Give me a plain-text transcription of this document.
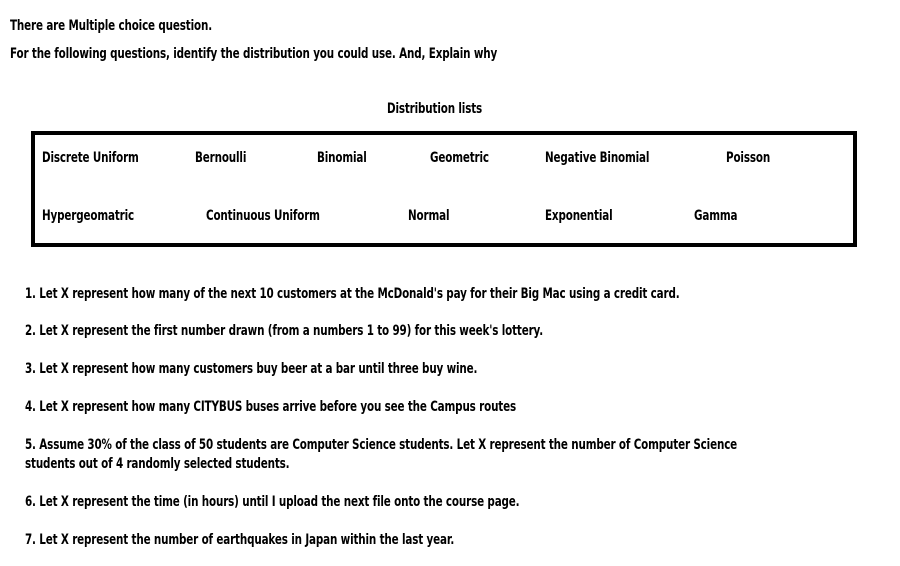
There are Multiple choice question.
For the following questions, identify the distribution you could use. And, Explain why
Distribution lists
Discrete Uniform	Bernoulli	Binomial	Geometric	Negative Binomial	Poisson
Hypergeomatric	Continuous Uniform	Normal	Exponential	Gamma
1. Let X represent how many of the next 10 customers at the McDonald's pay for their Big Mac using a credit card.
2. Let X represent the first number drawn (from a numbers 1 to 99) for this week's lottery.
3. Let X represent how many customers buy beer at a bar until three buy wine.
4. Let X represent how many CITYBUS buses arrive before you see the Campus routes
5. Assume 30% of the class of 50 students are Computer Science students. Let X represent the number of Computer Science
students out of 4 randomly selected students.
6. Let X represent the time (in hours) until I upload the next file onto the course page.
7. Let X represent the number of earthquakes in Japan within the last year.
